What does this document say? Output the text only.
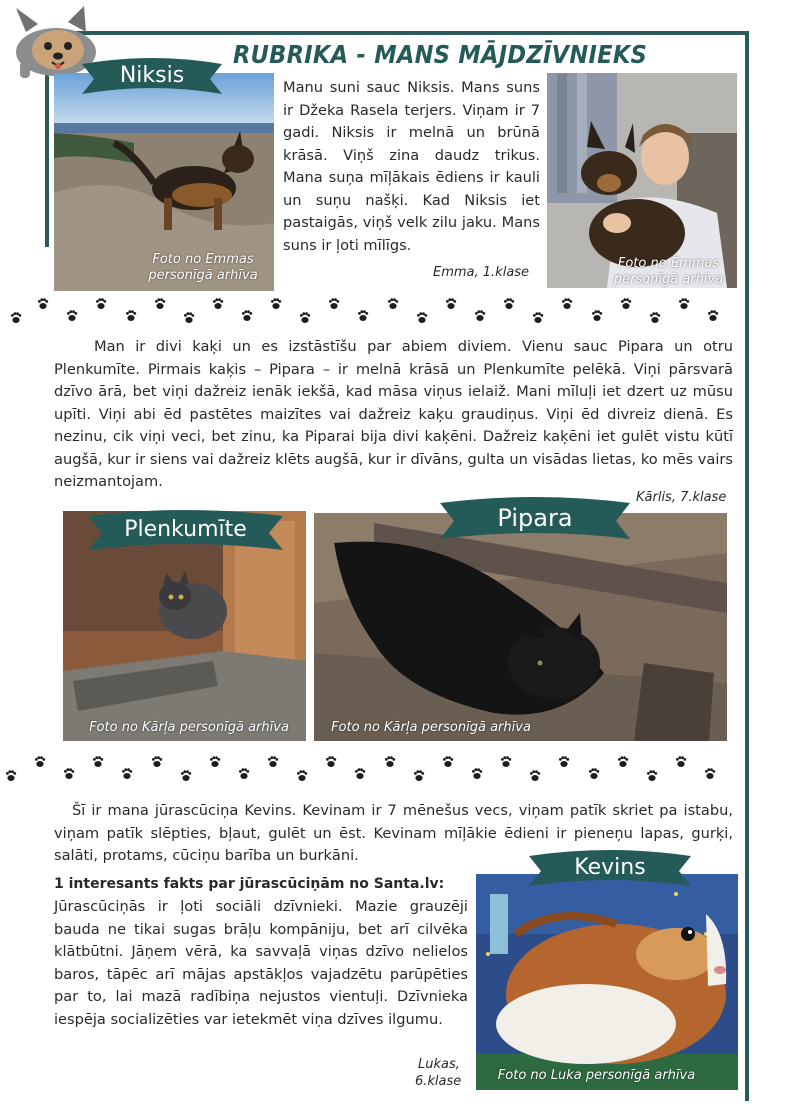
RUBRIKA - MANS MĀJDZĪVNIEKS
Foto no Emmas personīgā arhīva
Niksis	Manu suni sauc Niksis. Mans suns ir Džeka Rasela terjers. Viņam ir 7 gadi. Niksis ir melnā un brūnā krāsā. Viņš zina daudz trikus. Mana suņa mīļākais ēdiens ir kauli un suņu našķi. Kad Niksis iet pastaigās, viņš velk zilu jaku. Mans suns ir ļoti mīlīgs.
Emma, 1.klase
Foto no Emmas personīgā arhīva
Man ir divi kaķi un es izstāstīšu par abiem diviem. Vienu sauc Pipara un otru Plenkumīte. Pirmais kaķis – Pipara – ir melnā krāsā un Plenkumīte pelēkā. Viņi pārsvarā dzīvo ārā, bet viņi dažreiz ienāk iekšā, kad māsa viņus ielaiž. Mani mīluļi iet dzert uz mūsu upīti. Viņi abi ēd pastētes maizītes vai dažreiz kaķu graudiņus. Viņi ēd divreiz dienā. Es nezinu, cik viņi veci, bet zinu, ka Piparai bija divi kaķēni. Dažreiz kaķēni iet gulēt vistu kūtī augšā, kur ir siens vai dažreiz klēts augšā, kur ir dīvāns, gulta un visādas lietas, ko mēs vairs neizmantojam.
Kārlis, 7.klase
Foto no Kārļa personīgā arhīva
Plenkumīte
Foto no Kārļa personīgā arhīva
Pipara
Šī ir mana jūrascūciņa Kevins. Kevinam ir 7 mēnešus vecs, viņam patīk skriet pa istabu, viņam patīk slēpties, bļaut, gulēt un ēst. Kevinam mīļākie ēdieni ir pieneņu lapas, gurķi, salāti, protams, cūciņu barība un burkāni.
1 interesants fakts par jūrascūciņām no Santa.lv:
Jūrascūciņās ir ļoti sociāli dzīvnieki. Mazie grauzēji bauda ne tikai sugas brāļu kompāniju, bet arī cilvēka klātbūtni. Jāņem vērā, ka savvaļā viņas dzīvo nelielos baros, tāpēc arī mājas apstākļos vajadzētu parūpēties par to, lai mazā radībiņa nejustos vientuļi. Dzīvnieka iespēja socializēties var ietekmēt viņa dzīves ilgumu.
Lukas,
6.klase	Foto no Luka personīgā arhīva
Kevins
